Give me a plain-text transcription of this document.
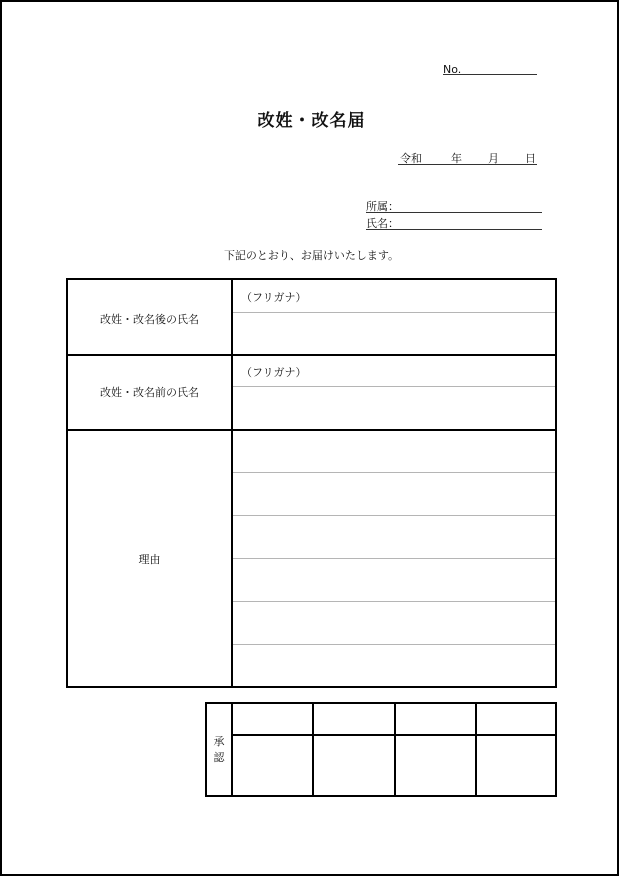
No.
改姓・改名届
令和	年 月 日
所属：
氏名：
下記のとおり、お届けいたします。
改姓・改名後の氏名
（フリガナ）
改姓・改名前の氏名
（フリガナ）
理由
承認
